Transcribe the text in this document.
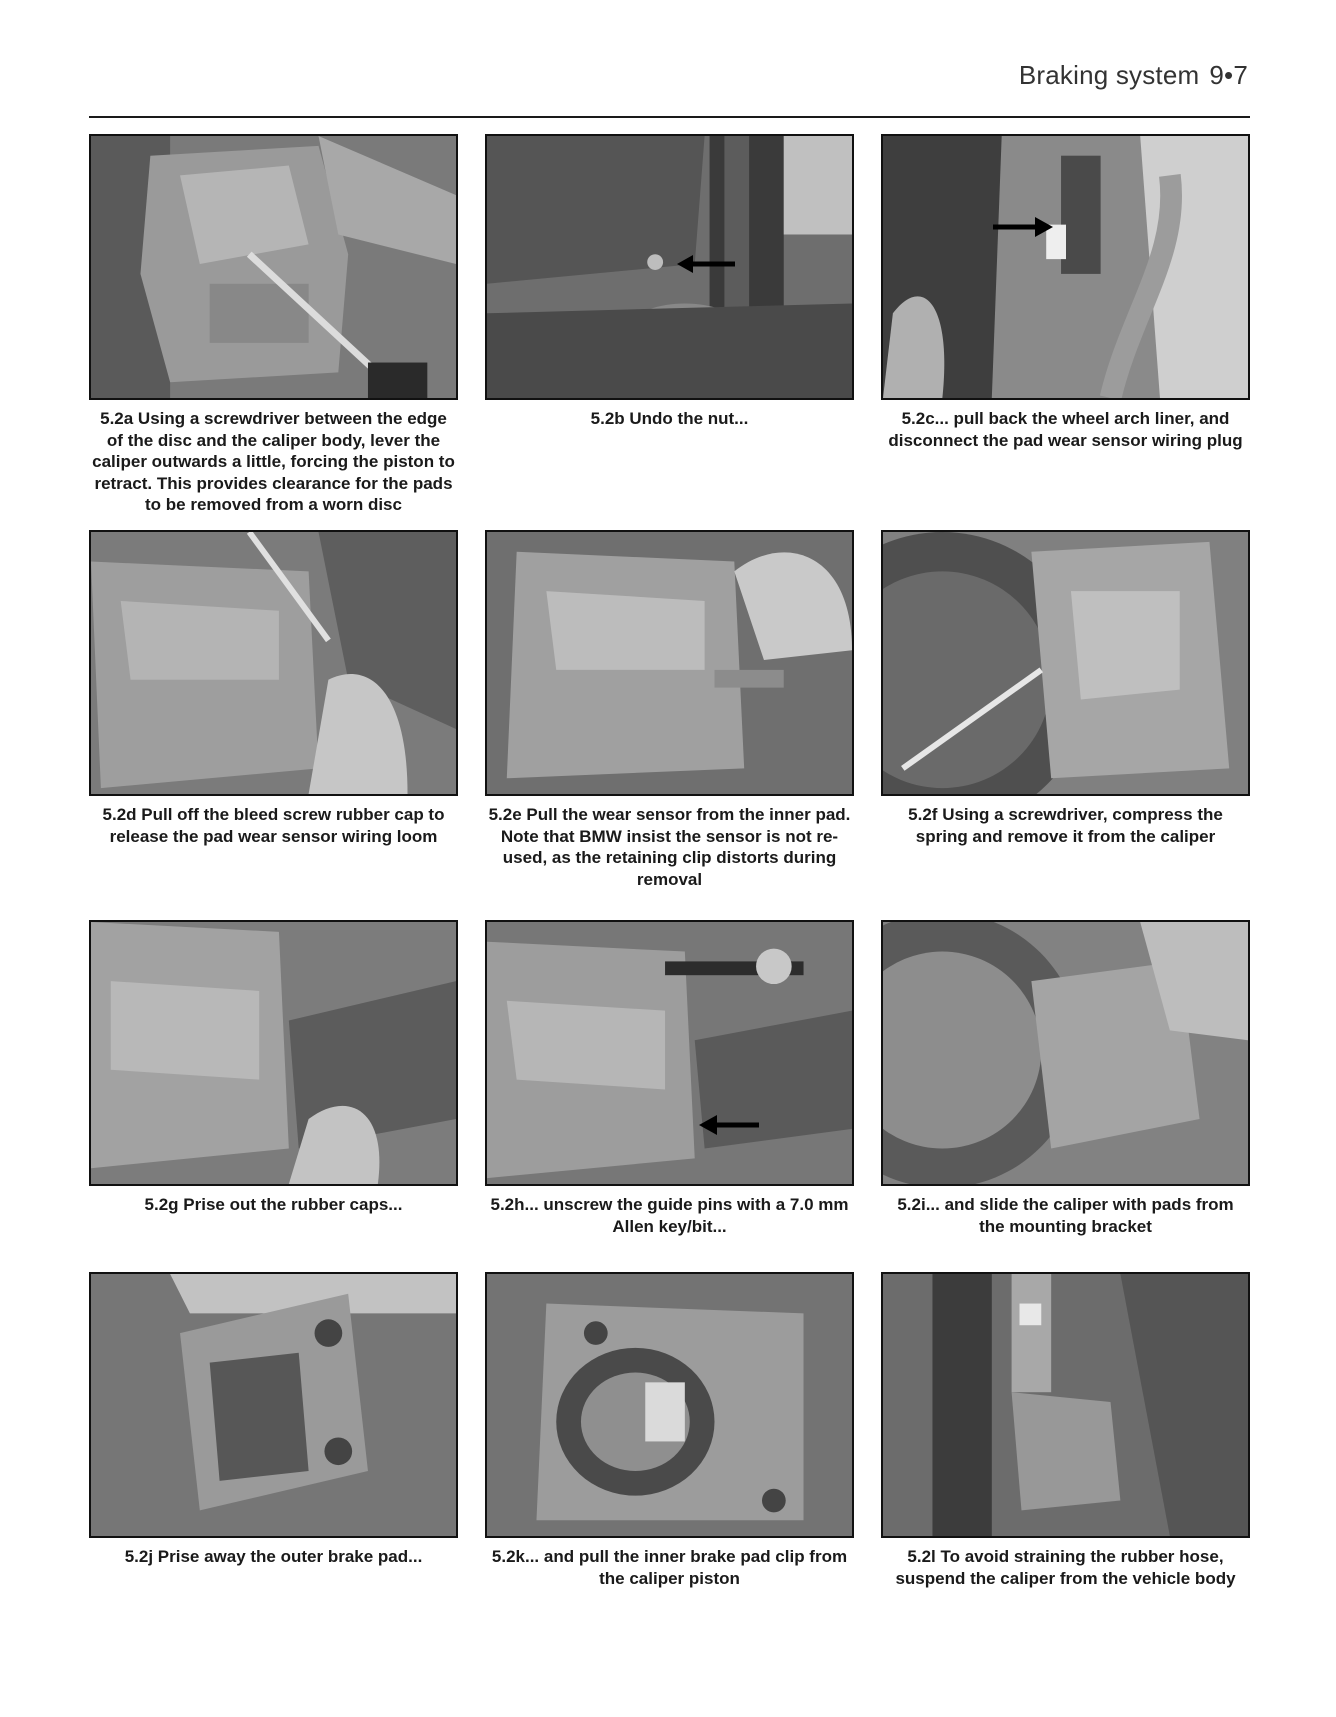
Braking system 9•7
5.2a Using a screwdriver between the edge of the disc and the caliper body, lever the caliper outwards a little, forcing the piston to retract. This provides clearance for the pads to be removed from a worn disc
5.2b Undo the nut...	5.2c... pull back the wheel arch liner, and disconnect the pad wear sensor wiring plug
5.2d Pull off the bleed screw rubber cap to release the pad wear sensor wiring loom
5.2e Pull the wear sensor from the inner pad. Note that BMW insist the sensor is not re-used, as the retaining clip distorts during removal
5.2f Using a screwdriver, compress the spring and remove it from the caliper
5.2g Prise out the rubber caps...	5.2h... unscrew the guide pins with a 7.0 mm Allen key/bit...
5.2i... and slide the caliper with pads from the mounting bracket
5.2j Prise away the outer brake pad...	5.2k... and pull the inner brake pad clip from the caliper piston
5.2l To avoid straining the rubber hose, suspend the caliper from the vehicle body
